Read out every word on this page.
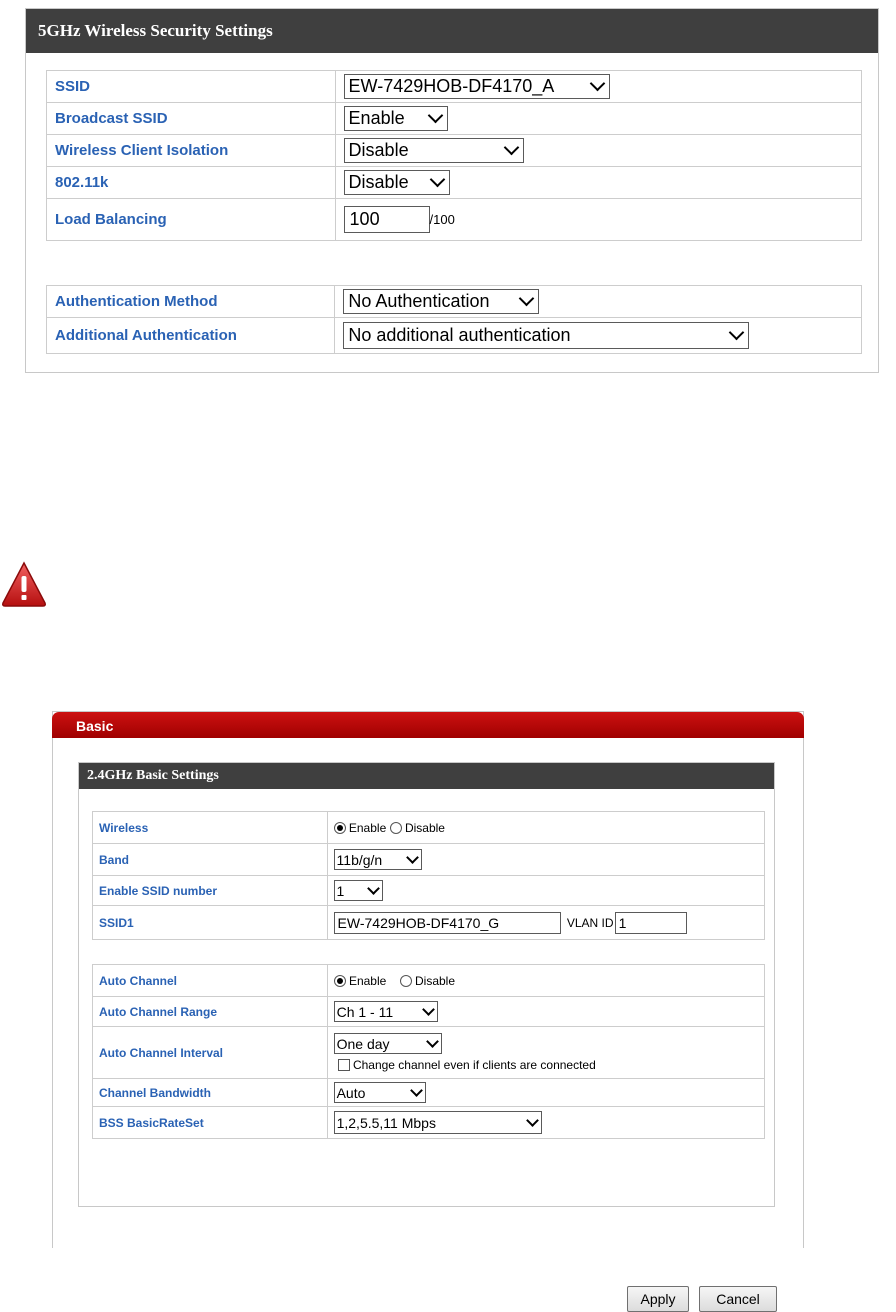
5GHz Wireless Security Settings
SSID	EW-7429HOB-DF4170_A

Broadcast SSID	Enable

Wireless Client Isolation	Disable

802.11k	Disable

Load Balancing	100 /100
Authentication Method	No Authentication

Additional Authentication	No additional authentication
Basic
2.4GHz Basic Settings
Wireless	Enable Disable
Band	11b/g/n

Enable SSID number	1

SSID1	EW-7429HOB-DF4170_G VLAN ID 1
Auto Channel	Enable Disable
Auto Channel Range	Ch 1 - 11

Auto Channel Interval	One day
Change channel even if clients are connected

Channel Bandwidth	Auto

BSS BasicRateSet	1,2,5.5,11 Mbps
Apply	Cancel
